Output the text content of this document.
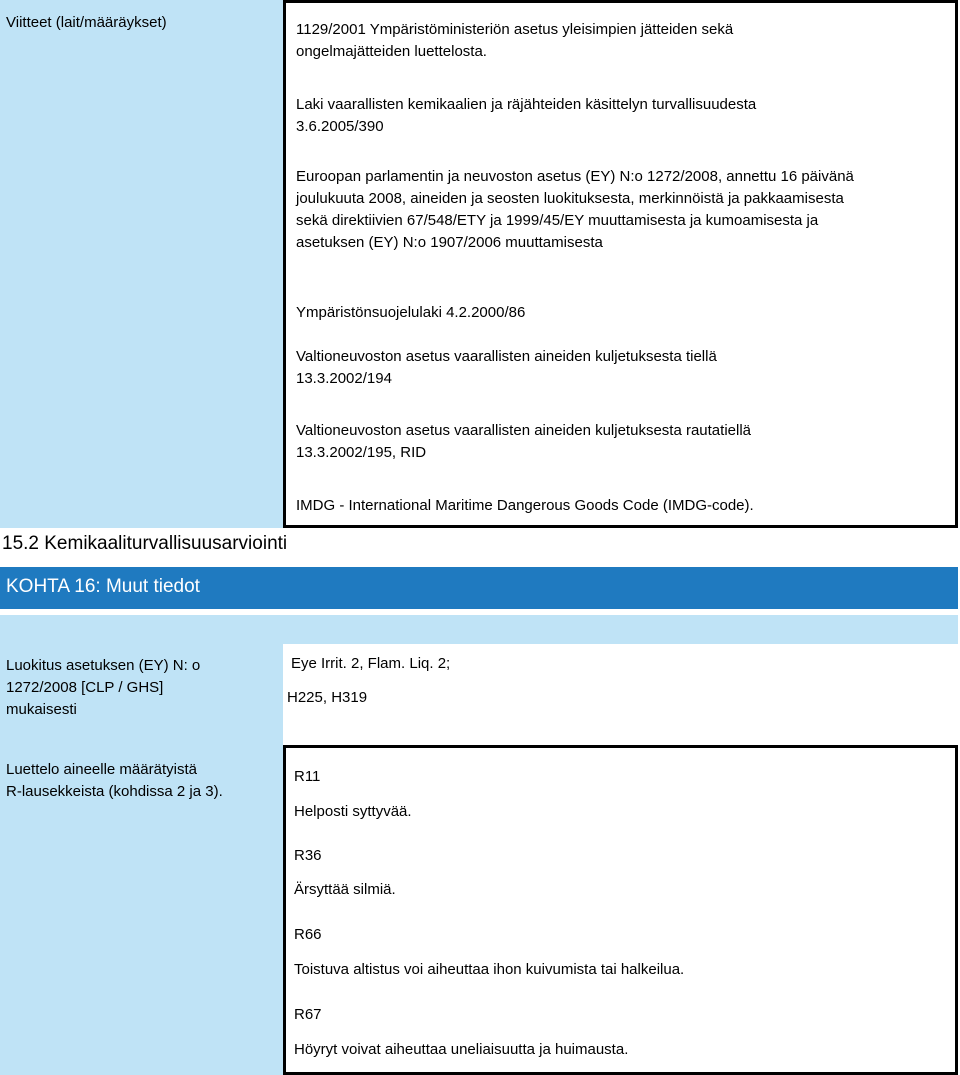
Viitteet (lait/määräykset)	1129/2001 Ympäristöministeriön asetus yleisimpien jätteiden sekä
ongelmajätteiden luettelosta.
Laki vaarallisten kemikaalien ja räjähteiden käsittelyn turvallisuudesta
3.6.2005/390
Euroopan parlamentin ja neuvoston asetus (EY) N:o 1272/2008, annettu 16 päivänä
joulukuuta 2008, aineiden ja seosten luokituksesta, merkinnöistä ja pakkaamisesta
sekä direktiivien 67/548/ETY ja 1999/45/EY muuttamisesta ja kumoamisesta ja
asetuksen (EY) N:o 1907/2006 muuttamisesta
Ympäristönsuojelulaki 4.2.2000/86
Valtioneuvoston asetus vaarallisten aineiden kuljetuksesta tiellä
13.3.2002/194
Valtioneuvoston asetus vaarallisten aineiden kuljetuksesta rautatiellä
13.3.2002/195, RID
IMDG - International Maritime Dangerous Goods Code (IMDG-code).
15.2 Kemikaaliturvallisuusarviointi
KOHTA 16: Muut tiedot
Luokitus asetuksen (EY) N: o
1272/2008 [CLP / GHS]
mukaisesti
Eye Irrit. 2, Flam. Liq. 2;
H225, H319
Luettelo aineelle määrätyistä
R-lausekkeista (kohdissa 2 ja 3).
R11
Helposti syttyvää.
R36
Ärsyttää silmiä.
R66
Toistuva altistus voi aiheuttaa ihon kuivumista tai halkeilua.
R67
Höyryt voivat aiheuttaa uneliaisuutta ja huimausta.
